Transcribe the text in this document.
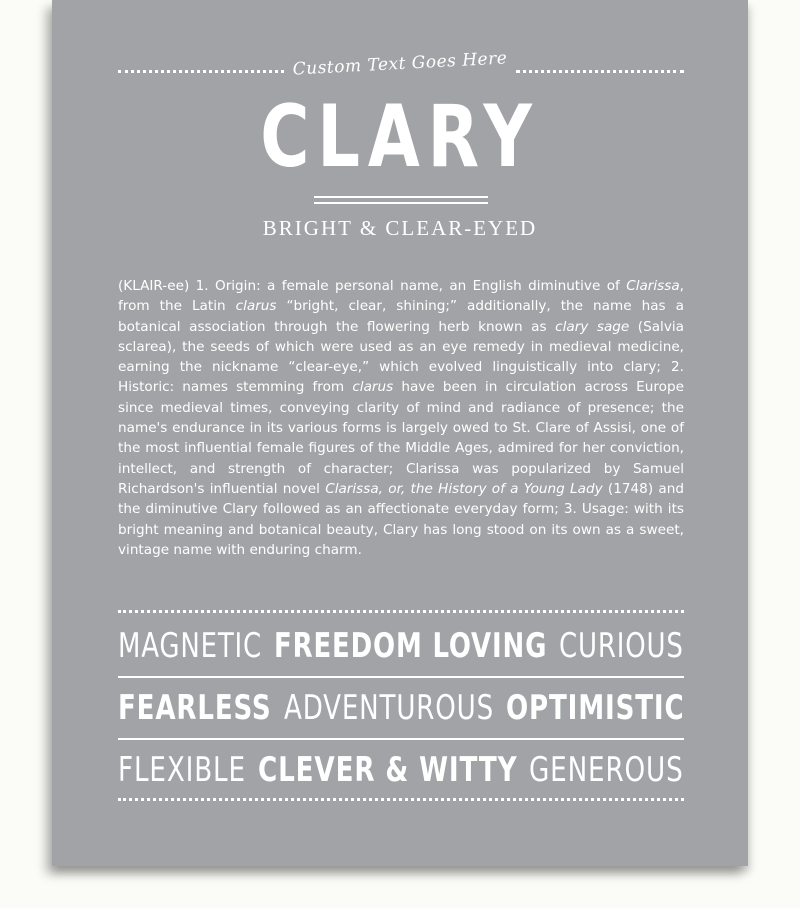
Custom Text Goes Here
CLARY
BRIGHT & CLEAR-EYED
(KLAIR-ee) 1. Origin: a female personal name, an English diminutive of Clarissa, from the Latin clarus “bright, clear, shining;” additionally, the name has a botanical association through the flowering herb known as clary sage (Salvia sclarea), the seeds of which were used as an eye remedy in medieval medicine, earning the nickname “clear-eye,” which evolved linguistically into clary; 2. Historic: names stemming from clarus have been in circulation across Europe since medieval times, conveying clarity of mind and radiance of presence; the name's endurance in its various forms is largely owed to St. Clare of Assisi, one of the most influential female figures of the Middle Ages, admired for her conviction, intellect, and strength of character; Clarissa was popularized by Samuel Richardson's influential novel Clarissa, or, the History of a Young Lady (1748) and the diminutive Clary followed as an affectionate everyday form; 3. Usage: with its bright meaning and botanical beauty, Clary has long stood on its own as a sweet, vintage name with enduring charm.
MAGNETIC FREEDOM LOVING CURIOUS
FEARLESS ADVENTUROUS OPTIMISTIC
FLEXIBLE CLEVER & WITTY GENEROUS
